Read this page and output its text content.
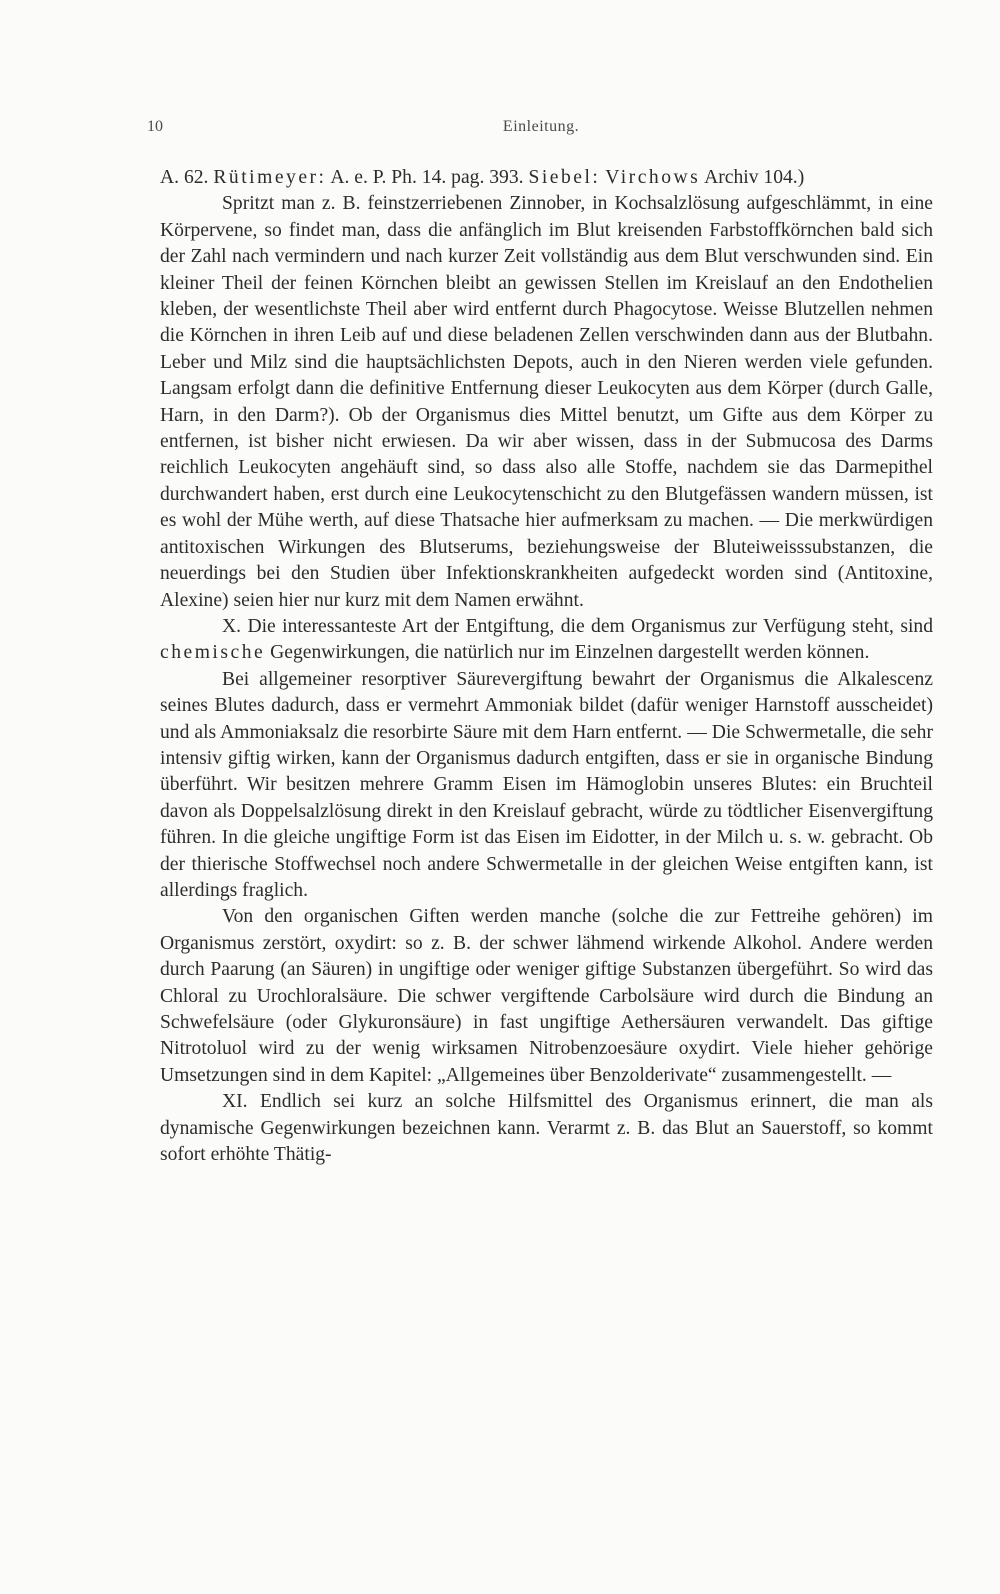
10	Einleitung.

A. 62. Rütimeyer: A. e. P. Ph. 14. pag. 393. Siebel: Virchows Archiv 104.)

Spritzt man z. B. feinstzerriebenen Zinnober, in Kochsalzlösung aufgeschlämmt, in eine Körpervene, so findet man, dass die anfänglich im Blut kreisenden Farbstoffkörnchen bald sich der Zahl nach vermindern und nach kurzer Zeit vollständig aus dem Blut verschwunden sind. Ein kleiner Theil der feinen Körnchen bleibt an gewissen Stellen im Kreislauf an den Endothelien kleben, der wesentlichste Theil aber wird entfernt durch Phagocytose. Weisse Blutzellen nehmen die Körnchen in ihren Leib auf und diese beladenen Zellen verschwinden dann aus der Blutbahn. Leber und Milz sind die hauptsächlichsten Depots, auch in den Nieren werden viele gefunden. Langsam erfolgt dann die definitive Entfernung dieser Leukocyten aus dem Körper (durch Galle, Harn, in den Darm?). Ob der Organismus dies Mittel benutzt, um Gifte aus dem Körper zu entfernen, ist bisher nicht erwiesen. Da wir aber wissen, dass in der Submucosa des Darms reichlich Leukocyten angehäuft sind, so dass also alle Stoffe, nachdem sie das Darmepithel durchwandert haben, erst durch eine Leukocytenschicht zu den Blutgefässen wandern müssen, ist es wohl der Mühe werth, auf diese Thatsache hier aufmerksam zu machen. — Die merkwürdigen antitoxischen Wirkungen des Blutserums, beziehungsweise der Bluteiweisssubstanzen, die neuerdings bei den Studien über Infektionskrankheiten aufgedeckt worden sind (Antitoxine, Alexine) seien hier nur kurz mit dem Namen erwähnt.

X. Die interessanteste Art der Entgiftung, die dem Organismus zur Verfügung steht, sind chemische Gegenwirkungen, die natürlich nur im Einzelnen dargestellt werden können.

Bei allgemeiner resorptiver Säurevergiftung bewahrt der Organismus die Alkalescenz seines Blutes dadurch, dass er vermehrt Ammoniak bildet (dafür weniger Harnstoff ausscheidet) und als Ammoniaksalz die resorbirte Säure mit dem Harn entfernt. — Die Schwermetalle, die sehr intensiv giftig wirken, kann der Organismus dadurch entgiften, dass er sie in organische Bindung überführt. Wir besitzen mehrere Gramm Eisen im Hämoglobin unseres Blutes: ein Bruchteil davon als Doppelsalzlösung direkt in den Kreislauf gebracht, würde zu tödtlicher Eisenvergiftung führen. In die gleiche ungiftige Form ist das Eisen im Eidotter, in der Milch u. s. w. gebracht. Ob der thierische Stoffwechsel noch andere Schwermetalle in der gleichen Weise entgiften kann, ist allerdings fraglich.

Von den organischen Giften werden manche (solche die zur Fettreihe gehören) im Organismus zerstört, oxydirt: so z. B. der schwer lähmend wirkende Alkohol. Andere werden durch Paarung (an Säuren) in ungiftige oder weniger giftige Substanzen übergeführt. So wird das Chloral zu Urochloralsäure. Die schwer vergiftende Carbolsäure wird durch die Bindung an Schwefelsäure (oder Glykuronsäure) in fast ungiftige Aethersäuren verwandelt. Das giftige Nitrotoluol wird zu der wenig wirksamen Nitrobenzoesäure oxydirt. Viele hieher gehörige Umsetzungen sind in dem Kapitel: „Allgemeines über Benzolderivate“ zusammengestellt. —

XI. Endlich sei kurz an solche Hilfsmittel des Organismus erinnert, die man als dynamische Gegenwirkungen bezeichnen kann. Verarmt z. B. das Blut an Sauerstoff, so kommt sofort erhöhte Thätig-
